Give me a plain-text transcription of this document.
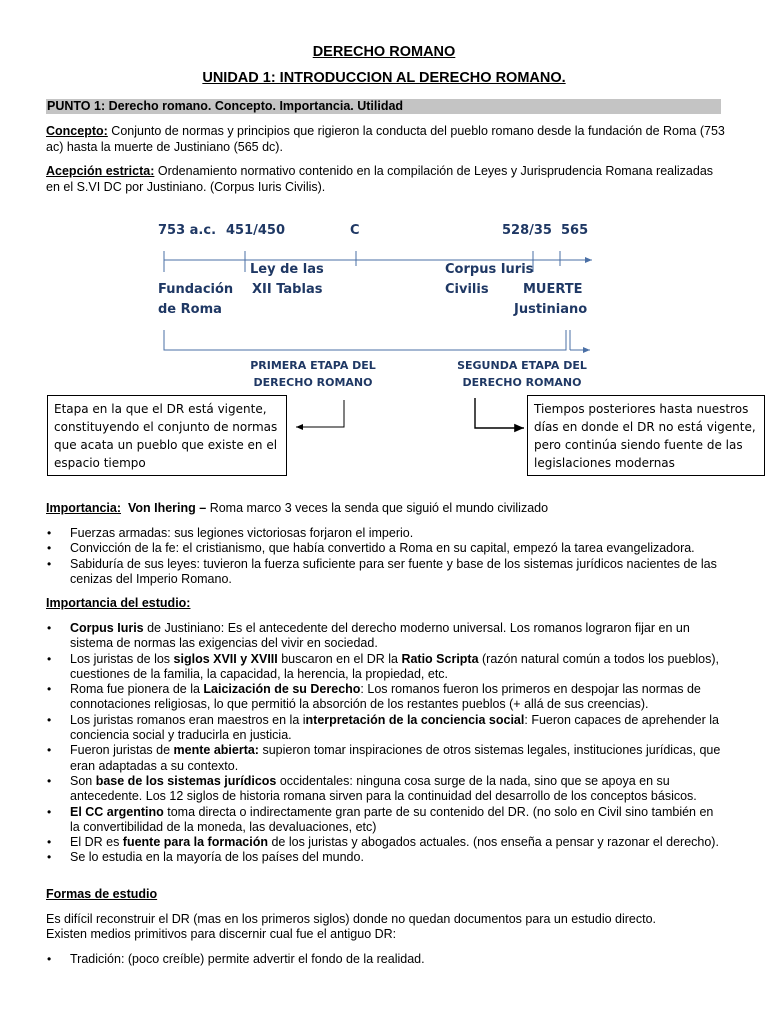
DERECHO ROMANO
UNIDAD 1: INTRODUCCION AL DERECHO ROMANO.
PUNTO 1: Derecho romano. Concepto. Importancia. Utilidad
Concepto: Conjunto de normas y principios que rigieron la conducta del pueblo romano desde la fundación de Roma (753 ac) hasta la muerte de Justiniano (565 dc).
Acepción estricta: Ordenamiento normativo contenido en la compilación de Leyes y Jurisprudencia Romana realizadas en el S.VI DC por Justiniano. (Corpus Iuris Civilis).
753 a.c. 451/450	C	528/35 565
Ley de las
XII Tablas
Fundación
de Roma
Corpus Iuris
Civilis	MUERTE
Justiniano
PRIMERA ETAPA DEL
DERECHO ROMANO
SEGUNDA ETAPA DEL
DERECHO ROMANO
Etapa en la que el DR está vigente, constituyendo el conjunto de normas que acata un pueblo que existe en el espacio tiempo
Tiempos posteriores hasta nuestros días en donde el DR no está vigente, pero continúa siendo fuente de las legislaciones modernas
Importancia: Von Ihering – Roma marco 3 veces la senda que siguió el mundo civilizado
• Fuerzas armadas: sus legiones victoriosas forjaron el imperio.
• Convicción de la fe: el cristianismo, que había convertido a Roma en su capital, empezó la tarea evangelizadora.
• Sabiduría de sus leyes: tuvieron la fuerza suficiente para ser fuente y base de los sistemas jurídicos nacientes de las cenizas del Imperio Romano.
Importancia del estudio:
• Corpus Iuris de Justiniano: Es el antecedente del derecho moderno universal. Los romanos lograron fijar en un sistema de normas las exigencias del vivir en sociedad.
• Los juristas de los siglos XVII y XVIII buscaron en el DR la Ratio Scripta (razón natural común a todos los pueblos), cuestiones de la familia, la capacidad, la herencia, la propiedad, etc.
• Roma fue pionera de la Laicización de su Derecho: Los romanos fueron los primeros en despojar las normas de connotaciones religiosas, lo que permitió la absorción de los restantes pueblos (+ allá de sus creencias).
• Los juristas romanos eran maestros en la interpretación de la conciencia social: Fueron capaces de aprehender la conciencia social y traducirla en justicia.
• Fueron juristas de mente abierta: supieron tomar inspiraciones de otros sistemas legales, instituciones jurídicas, que eran adaptadas a su contexto.
• Son base de los sistemas jurídicos occidentales: ninguna cosa surge de la nada, sino que se apoya en su antecedente. Los 12 siglos de historia romana sirven para la continuidad del desarrollo de los conceptos básicos.
• El CC argentino toma directa o indirectamente gran parte de su contenido del DR. (no solo en Civil sino también en la convertibilidad de la moneda, las devaluaciones, etc)
• El DR es fuente para la formación de los juristas y abogados actuales. (nos enseña a pensar y razonar el derecho).
• Se lo estudia en la mayoría de los países del mundo.
Formas de estudio
Es difícil reconstruir el DR (mas en los primeros siglos) donde no quedan documentos para un estudio directo.
Existen medios primitivos para discernir cual fue el antiguo DR:
• Tradición: (poco creíble) permite advertir el fondo de la realidad.
